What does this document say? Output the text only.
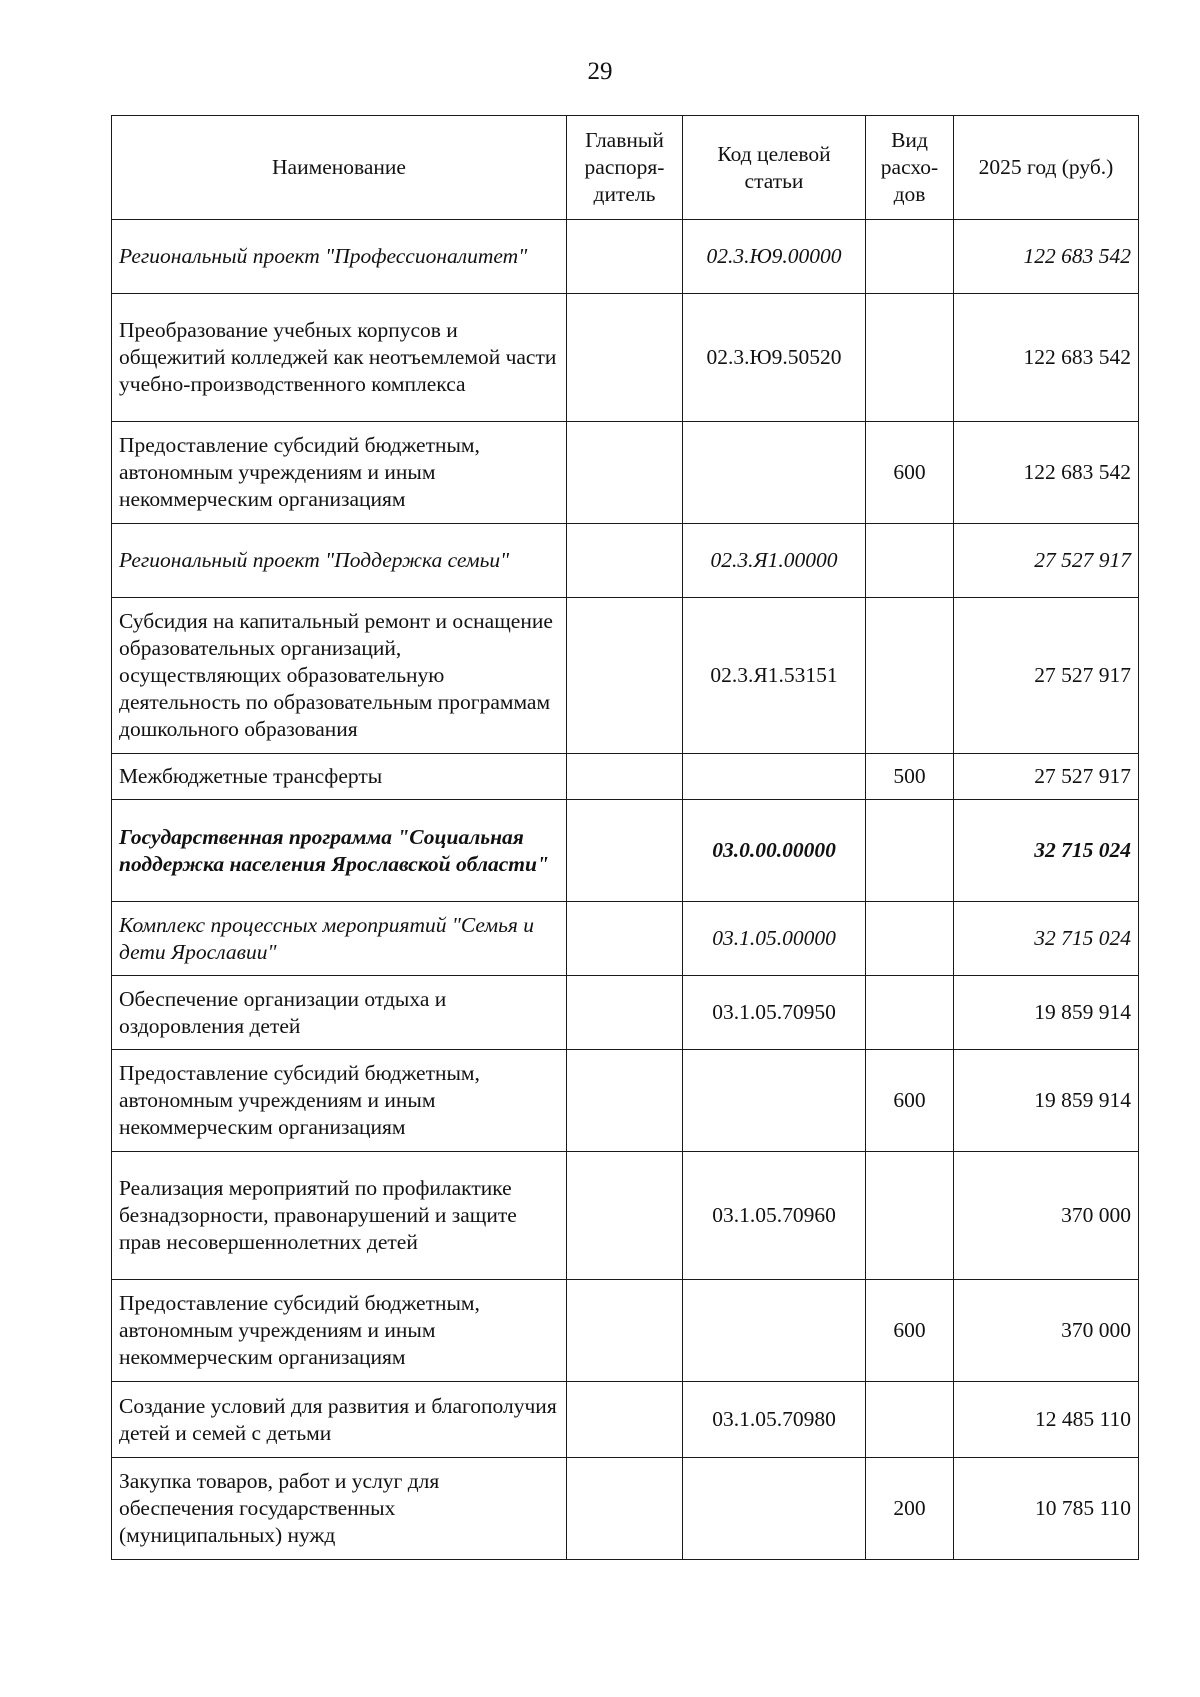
29
Наименование	Главный распоря-дитель	Код целевой статьи	Вид расхо-дов	2025 год (руб.)
Региональный проект "Профессионалитет"		02.3.Ю9.00000		122 683 542
Преобразование учебных корпусов и общежитий колледжей как неотъемлемой части учебно-производственного комплекса		02.3.Ю9.50520		122 683 542
Предоставление субсидий бюджетным, автономным учреждениям и иным некоммерческим организациям			600	122 683 542
Региональный проект "Поддержка семьи"		02.3.Я1.00000		27 527 917
Субсидия на капитальный ремонт и оснащение образовательных организаций, осуществляющих образовательную деятельность по образовательным программам дошкольного образования		02.3.Я1.53151		27 527 917
Межбюджетные трансферты			500	27 527 917
Государственная программа "Социальная поддержка населения Ярославской области"		03.0.00.00000		32 715 024
Комплекс процессных мероприятий "Семья и дети Ярославии"		03.1.05.00000		32 715 024
Обеспечение организации отдыха и оздоровления детей		03.1.05.70950		19 859 914
Предоставление субсидий бюджетным, автономным учреждениям и иным некоммерческим организациям			600	19 859 914
Реализация мероприятий по профилактике безнадзорности, правонарушений и защите прав несовершеннолетних детей		03.1.05.70960		370 000
Предоставление субсидий бюджетным, автономным учреждениям и иным некоммерческим организациям			600	370 000
Создание условий для развития и благополучия детей и семей с детьми		03.1.05.70980		12 485 110
Закупка товаров, работ и услуг для обеспечения государственных (муниципальных) нужд			200	10 785 110
